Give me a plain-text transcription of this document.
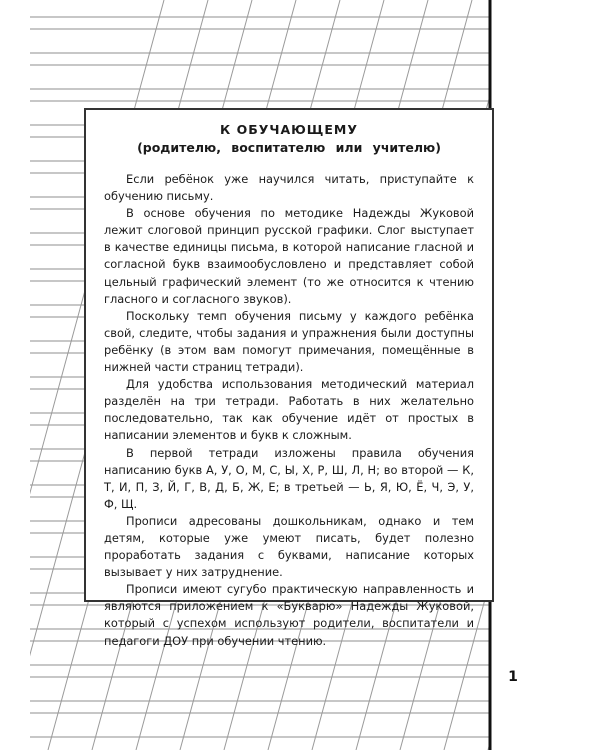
К ОБУЧАЮЩЕМУ

(родителю, воспитателю или учителю)

Если ребёнок уже научился читать, приступайте к обучению письму.

В основе обучения по методике Надежды Жуковой лежит слоговой принцип русской графики. Слог выступает в качестве единицы письма, в которой написание гласной и согласной букв взаимообусловлено и представляет собой цельный графический элемент (то же относится к чтению гласного и согласного звуков).

Поскольку темп обучения письму у каждого ребёнка свой, следите, чтобы задания и упражнения были доступны ребёнку (в этом вам помогут примечания, помещённые в нижней части страниц тетради).

Для удобства использования методический материал разделён на три тетради. Работать в них желательно последовательно, так как обучение идёт от простых в написании элементов и букв к сложным.

В первой тетради изложены правила обучения написанию букв А, У, О, М, С, Ы, Х, Р, Ш, Л, Н; во второй — К, Т, И, П, З, Й, Г, В, Д, Б, Ж, Е; в третьей — Ь, Я, Ю, Ё, Ч, Э, У, Ф, Щ.

Прописи адресованы дошкольникам, однако и тем детям, которые уже умеют писать, будет полезно проработать задания с буквами, написание которых вызывает у них затруднение.

Прописи имеют сугубо практическую направленность и являются приложением к «Букварю» Надежды Жуковой, который с успехом используют родители, воспитатели и педагоги ДОУ при обучении чтению.

1
